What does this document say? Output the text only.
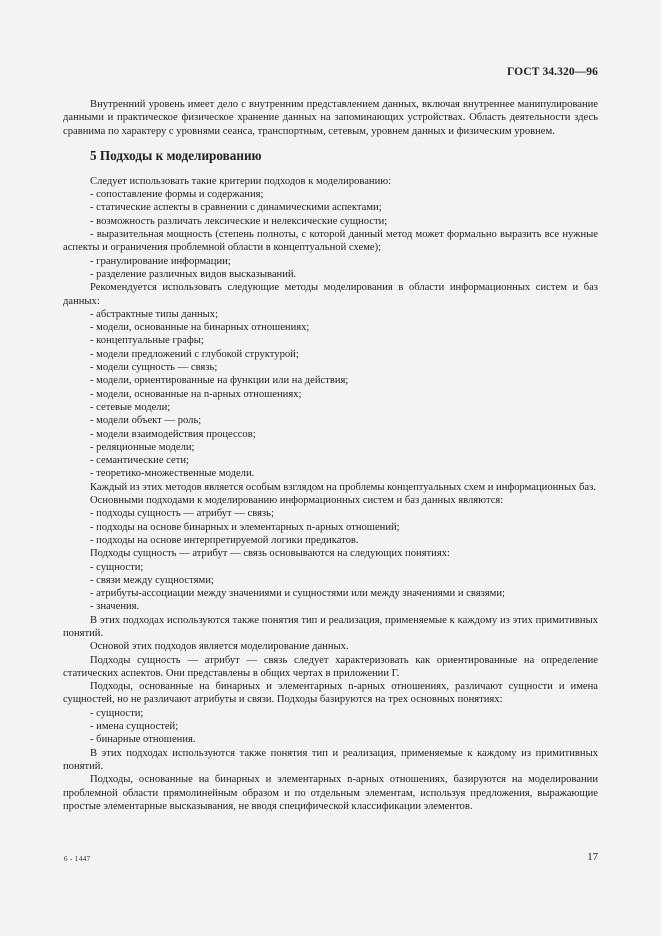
ГОСТ 34.320—96

Внутренний уровень имеет дело с внутренним представлением данных, включая внутреннее манипулирование данными и практическое физическое хранение данных на запоминающих устройствах. Область деятельности здесь сравнима по характеру с уровнями сеанса, транспортным, сетевым, уровнем данных и физическим уровнем.

5 Подходы к моделированию

Следует использовать такие критерии подходов к моделированию:

- сопоставление формы и содержания;

- статические аспекты в сравнении с динамическими аспектами;

- возможность различать лексические и нелексические сущности;

- выразительная мощность (степень полноты, с которой данный метод может формально выразить все нужные аспекты и ограничения проблемной области в концептуальной схеме);

- гранулирование информации;

- разделение различных видов высказываний.

Рекомендуется использовать следующие методы моделирования в области информационных систем и баз данных:

- абстрактные типы данных;

- модели, основанные на бинарных отношениях;

- концептуальные графы;

- модели предложений с глубокой структурой;

- модели сущность — связь;

- модели, ориентированные на функции или на действия;

- модели, основанные на n-арных отношениях;

- сетевые модели;

- модели объект — роль;

- модели взаимодействия процессов;

- реляционные модели;

- семантические сети;

- теоретико-множественные модели.

Каждый из этих методов является особым взглядом на проблемы концептуальных схем и информационных баз.

Основными подходами к моделированию информационных систем и баз данных являются:

- подходы сущность — атрибут — связь;

- подходы на основе бинарных и элементарных n-арных отношений;

- подходы на основе интерпретируемой логики предикатов.

Подходы сущность — атрибут — связь основываются на следующих понятиях:

- сущности;

- связи между сущностями;

- атрибуты-ассоциации между значениями и сущностями или между значениями и связями;

- значения.

В этих подходах используются также понятия тип и реализация, применяемые к каждому из этих примитивных понятий.

Основой этих подходов является моделирование данных.

Подходы сущность — атрибут — связь следует характеризовать как ориентированные на определение статических аспектов. Они представлены в общих чертах в приложении Г.

Подходы, основанные на бинарных и элементарных n-арных отношениях, различают сущности и имена сущностей, но не различают атрибуты и связи. Подходы базируются на трех основных понятиях:

- сущности;

- имена сущностей;

- бинарные отношения.

В этих подходах используются также понятия тип и реализация, применяемые к каждому из примитивных понятий.

Подходы, основанные на бинарных и элементарных n-арных отношениях, базируются на моделировании проблемной области прямолинейным образом и по отдельным элементам, используя предложения, выражающие простые элементарные высказывания, не вводя специфической классификации элементов.

6 - 1447	17
